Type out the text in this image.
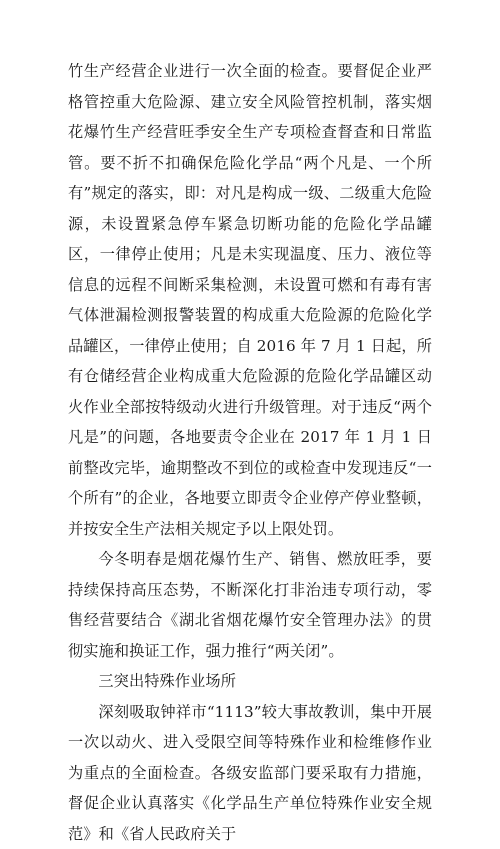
竹生产经营企业进行一次全面的检查。要督促企业严格管控重大危险源、建立安全风险管控机制，落实烟花爆竹生产经营旺季安全生产专项检查督查和日常监管。要不折不扣确保危险化学品“两个凡是、一个所有”规定的落实，即：对凡是构成一级、二级重大危险源，未设置紧急停车紧急切断功能的危险化学品罐区，一律停止使用；凡是未实现温度、压力、液位等信息的远程不间断采集检测，未设置可燃和有毒有害气体泄漏检测报警装置的构成重大危险源的危险化学品罐区，一律停止使用；自 2016 年 7 月 1 日起，所有仓储经营企业构成重大危险源的危险化学品罐区动火作业全部按特级动火进行升级管理。对于违反“两个凡是”的问题，各地要责令企业在 2017 年 1 月 1 日前整改完毕，逾期整改不到位的或检查中发现违反“一个所有”的企业，各地要立即责令企业停产停业整顿，并按安全生产法相关规定予以上限处罚。

今冬明春是烟花爆竹生产、销售、燃放旺季，要持续保持高压态势，不断深化打非治违专项行动，零售经营要结合《湖北省烟花爆竹安全管理办法》的贯彻实施和换证工作，强力推行“两关闭”。

三突出特殊作业场所

深刻吸取钟祥市“1113”较大事故教训，集中开展一次以动火、进入受限空间等特殊作业和检维修作业为重点的全面检查。各级安监部门要采取有力措施，督促企业认真落实《化学品生产单位特殊作业安全规范》和《省人民政府关于
